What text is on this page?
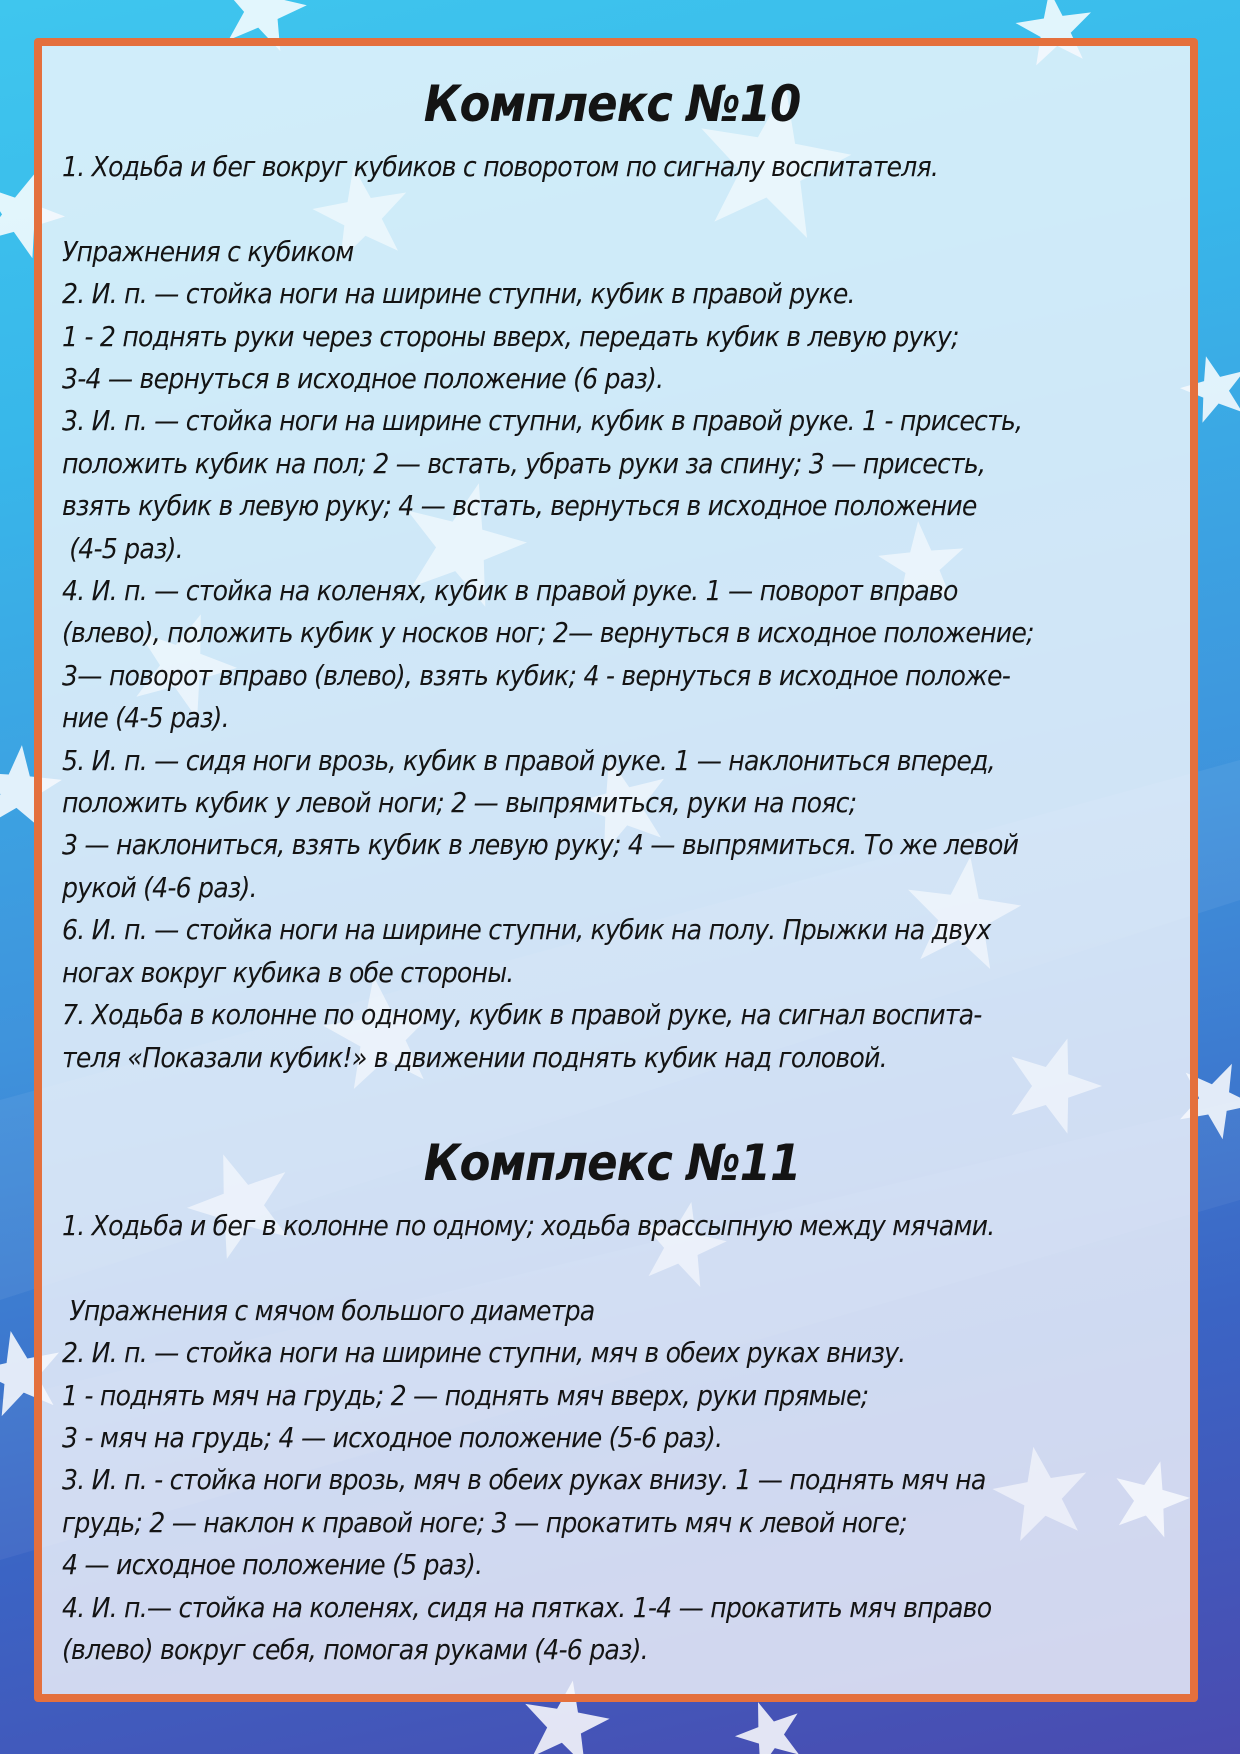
Комплекс №10
1. Ходьба и бег вокруг кубиков с поворотом по сигналу воспитателя.
Упражнения с кубиком
2. И. п. — стойка ноги на ширине ступни, кубик в правой руке.
1 - 2 поднять руки через стороны вверх, передать кубик в левую руку;
3-4 — вернуться в исходное положение (6 раз).
3. И. п. — стойка ноги на ширине ступни, кубик в правой руке. 1 - присесть,
положить кубик на пол; 2 — встать, убрать руки за спину; 3 — присесть,
взять кубик в левую руку; 4 — встать, вернуться в исходное положение
(4-5 раз).
4. И. п. — стойка на коленях, кубик в правой руке. 1 — поворот вправо
(влево), положить кубик у носков ног; 2— вернуться в исходное положение;
3— поворот вправо (влево), взять кубик; 4 - вернуться в исходное положе-
ние (4-5 раз).
5. И. п. — сидя ноги врозь, кубик в правой руке. 1 — наклониться вперед,
положить кубик у левой ноги; 2 — выпрямиться, руки на пояс;
3 — наклониться, взять кубик в левую руку; 4 — выпрямиться. То же левой
рукой (4-6 раз).
6. И. п. — стойка ноги на ширине ступни, кубик на полу. Прыжки на двух
ногах вокруг кубика в обе стороны.
7. Ходьба в колонне по одному, кубик в правой руке, на сигнал воспита-
теля «Показали кубик!» в движении поднять кубик над головой.
Комплекс №11
1. Ходьба и бег в колонне по одному; ходьба врассыпную между мячами.
Упражнения с мячом большого диаметра
2. И. п. — стойка ноги на ширине ступни, мяч в обеих руках внизу.
1 - поднять мяч на грудь; 2 — поднять мяч вверх, руки прямые;
3 - мяч на грудь; 4 — исходное положение (5-6 раз).
3. И. п. - стойка ноги врозь, мяч в обеих руках внизу. 1 — поднять мяч на
грудь; 2 — наклон к правой ноге; 3 — прокатить мяч к левой ноге;
4 — исходное положение (5 раз).
4. И. п.— стойка на коленях, сидя на пятках. 1-4 — прокатить мяч вправо
(влево) вокруг себя, помогая руками (4-6 раз).
